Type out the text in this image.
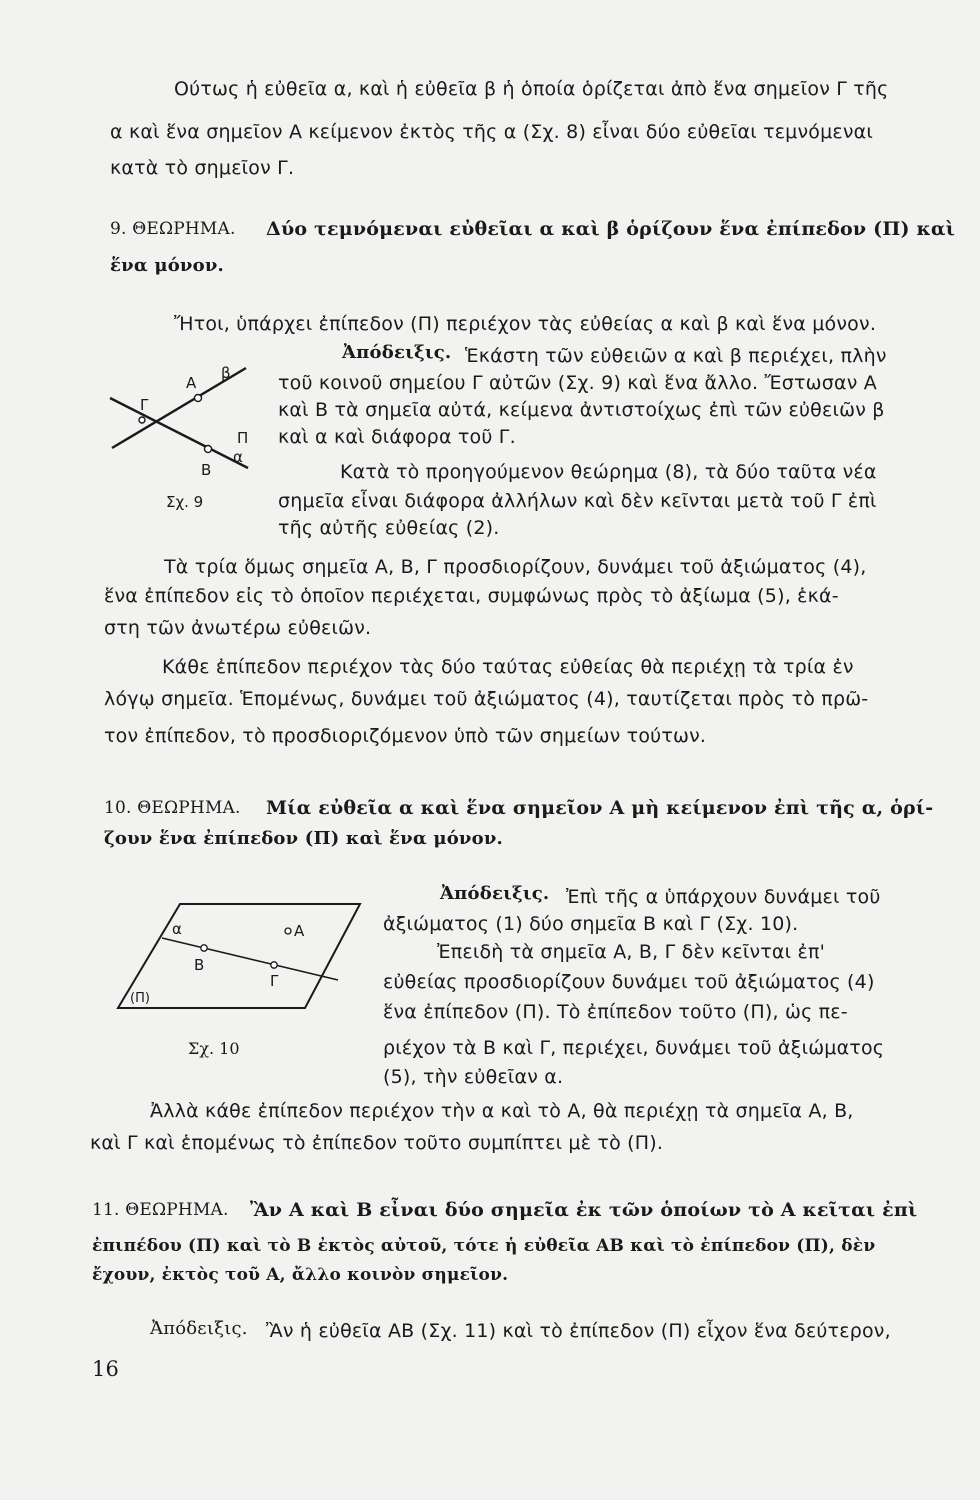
Ούτως ἡ εὐθεῖα α, καὶ ἡ εὐθεῖα β ἡ ὁποία ὁρίζεται ἀπὸ ἕνα σημεῖον Γ τῆς
α καὶ ἕνα σημεῖον Α κείμενον ἐκτὸς τῆς α (Σχ. 8) εἶναι δύο εὐθεῖαι τεμνόμεναι
κατὰ τὸ σημεῖον Γ.
9. ΘΕΩΡΗΜΑ. Δύο τεμνόμεναι εὐθεῖαι α καὶ β ὁρίζουν ἕνα ἐπίπεδον (Π) καὶ
ἕνα μόνον.
Ἤτοι, ὑπάρχει ἐπίπεδον (Π) περιέχον τὰς εὐθείας α καὶ β καὶ ἕνα μόνον.
Ἀπόδειξις. Ἑκάστη τῶν εὐθειῶν α καὶ β περιέχει, πλὴν
τοῦ κοινοῦ σημείου Γ αὐτῶν (Σχ. 9) καὶ ἕνα ἄλλο. Ἔστωσαν Α
καὶ Β τὰ σημεῖα αὐτά, κείμενα ἀντιστοίχως ἐπὶ τῶν εὐθειῶν β
καὶ α καὶ διάφορα τοῦ Γ.
Κατὰ τὸ προηγούμενον θεώρημα (8), τὰ δύο ταῦτα νέα
σημεῖα εἶναι διάφορα ἀλλήλων καὶ δὲν κεῖνται μετὰ τοῦ Γ ἐπὶ
τῆς αὐτῆς εὐθείας (2).
Α
β
Γ
Π
Β
α
Σχ. 9
Τὰ τρία ὅμως σημεῖα Α, Β, Γ προσδιορίζουν, δυνάμει τοῦ ἀξιώματος (4),
ἕνα ἐπίπεδον εἰς τὸ ὁποῖον περιέχεται, συμφώνως πρὸς τὸ ἀξίωμα (5), ἑκά-
στη τῶν ἀνωτέρω εὐθειῶν.
Κάθε ἐπίπεδον περιέχον τὰς δύο ταύτας εὐθείας θὰ περιέχῃ τὰ τρία ἐν
λόγῳ σημεῖα. Ἑπομένως, δυνάμει τοῦ ἀξιώματος (4), ταυτίζεται πρὸς τὸ πρῶ-
τον ἐπίπεδον, τὸ προσδιοριζόμενον ὑπὸ τῶν σημείων τούτων.
10. ΘΕΩΡΗΜΑ. Μία εὐθεῖα α καὶ ἕνα σημεῖον Α μὴ κείμενον ἐπὶ τῆς α, ὁρί-
ζουν ἕνα ἐπίπεδον (Π) καὶ ἕνα μόνον.
Ἀπόδειξις. Ἐπὶ τῆς α ὑπάρχουν δυνάμει τοῦ
ἀξιώματος (1) δύο σημεῖα Β καὶ Γ (Σχ. 10).
Ἐπειδὴ τὰ σημεῖα Α, Β, Γ δὲν κεῖνται ἐπ'
εὐθείας προσδιορίζουν δυνάμει τοῦ ἀξιώματος (4)
ἕνα ἐπίπεδον (Π). Τὸ ἐπίπεδον τοῦτο (Π), ὡς πε-
ριέχον τὰ Β καὶ Γ, περιέχει, δυνάμει τοῦ ἀξιώματος
(5), τὴν εὐθεῖαν α.
α	A
Β
Γ
(Π)
Σχ. 10
Ἀλλὰ κάθε ἐπίπεδον περιέχον τὴν α καὶ τὸ Α, θὰ περιέχῃ τὰ σημεῖα Α, Β,
καὶ Γ καὶ ἑπομένως τὸ ἐπίπεδον τοῦτο συμπίπτει μὲ τὸ (Π).
11. ΘΕΩΡΗΜΑ. Ἂν Α καὶ Β εἶναι δύο σημεῖα ἐκ τῶν ὁποίων τὸ Α κεῖται ἐπὶ
ἐπιπέδου (Π) καὶ τὸ Β ἐκτὸς αὐτοῦ, τότε ἡ εὐθεῖα ΑΒ καὶ τὸ ἐπίπεδον (Π), δὲν
ἔχουν, ἐκτὸς τοῦ Α, ἄλλο κοινὸν σημεῖον.
Ἀπόδειξις. Ἂν ἡ εὐθεῖα ΑΒ (Σχ. 11) καὶ τὸ ἐπίπεδον (Π) εἶχον ἕνα δεύτερον,
16
